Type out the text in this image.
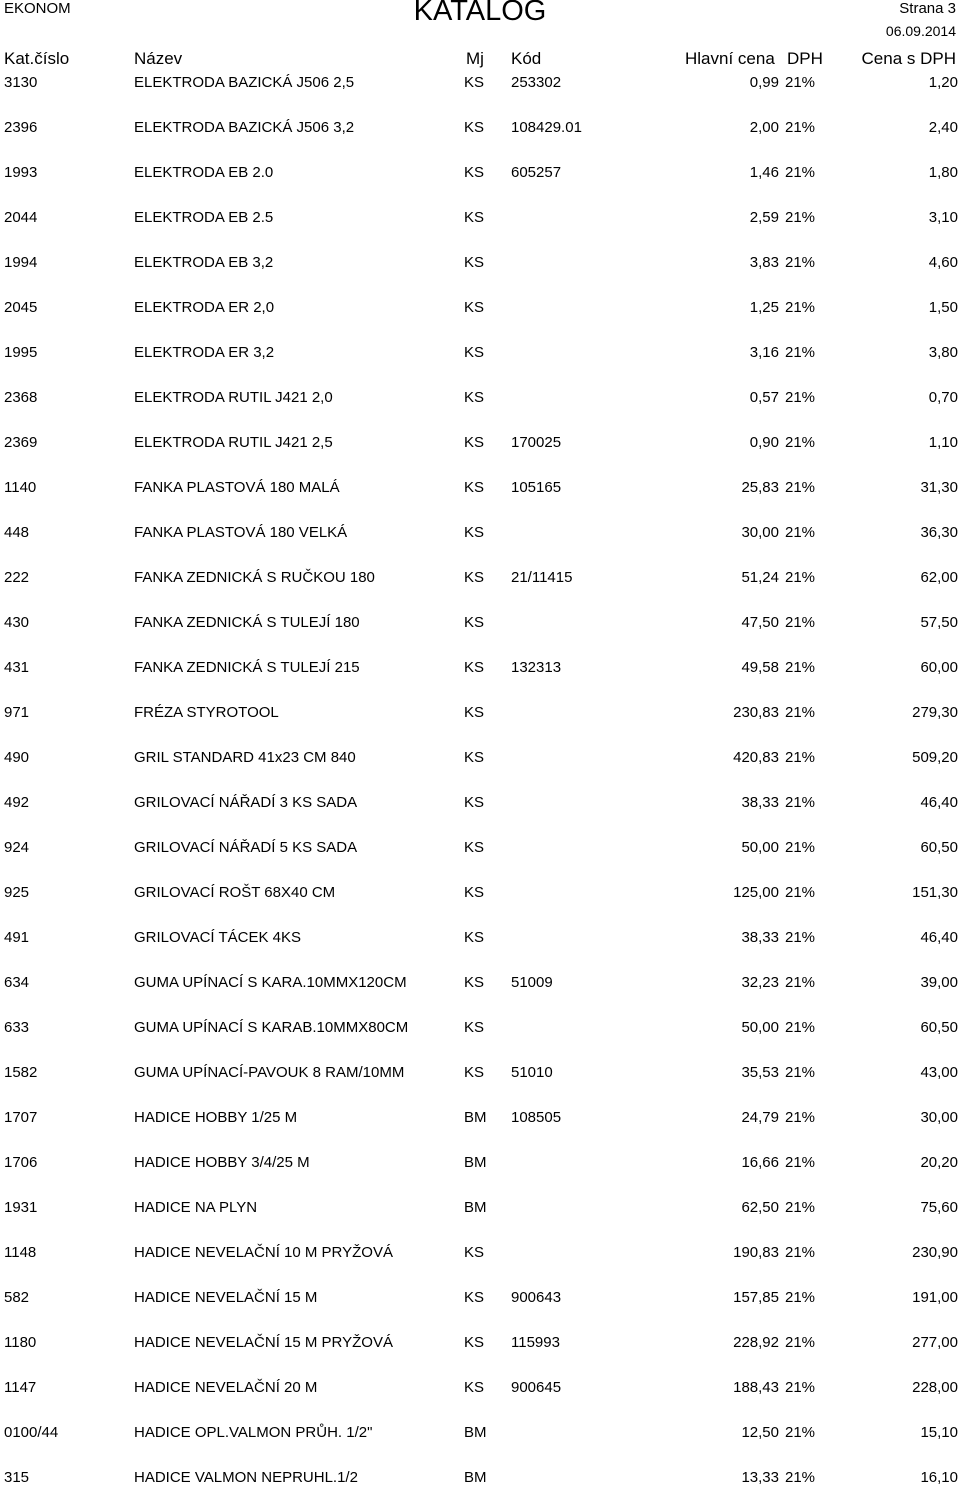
EKONOM	KATALOG	Strana 3
06.09.2014
Kat.číslo	Název	Mj Kód	Hlavní cena DPH Cena s DPH
3130	ELEKTRODA BAZICKÁ J506 2,5	KS 253302	0,99 21%	1,20
2396	ELEKTRODA BAZICKÁ J506 3,2	KS 108429.01	2,00 21%	2,40
1993	ELEKTRODA EB 2.0	KS 605257	1,46 21%	1,80
2044	ELEKTRODA EB 2.5	KS	2,59 21%	3,10
1994	ELEKTRODA EB 3,2	KS	3,83 21%	4,60
2045	ELEKTRODA ER 2,0	KS	1,25 21%	1,50
1995	ELEKTRODA ER 3,2	KS	3,16 21%	3,80
2368	ELEKTRODA RUTIL J421 2,0	KS	0,57 21%	0,70
2369	ELEKTRODA RUTIL J421 2,5	KS 170025	0,90 21%	1,10
1140	FANKA PLASTOVÁ 180 MALÁ	KS 105165	25,83 21%	31,30
448	FANKA PLASTOVÁ 180 VELKÁ	KS	30,00 21%	36,30
222	FANKA ZEDNICKÁ S RUČKOU 180	KS 21/11415	51,24 21%	62,00
430	FANKA ZEDNICKÁ S TULEJÍ 180	KS	47,50 21%	57,50
431	FANKA ZEDNICKÁ S TULEJÍ 215	KS 132313	49,58 21%	60,00
971	FRÉZA STYROTOOL	KS	230,83 21%	279,30
490	GRIL STANDARD 41x23 CM 840	KS	420,83 21%	509,20
492	GRILOVACÍ NÁŘADÍ 3 KS SADA	KS	38,33 21%	46,40
924	GRILOVACÍ NÁŘADÍ 5 KS SADA	KS	50,00 21%	60,50
925	GRILOVACÍ ROŠT 68X40 CM	KS	125,00 21%	151,30
491	GRILOVACÍ TÁCEK 4KS	KS	38,33 21%	46,40
634	GUMA UPÍNACÍ S KARA.10MMX120CM	KS 51009	32,23 21%	39,00
633	GUMA UPÍNACÍ S KARAB.10MMX80CM	KS	50,00 21%	60,50
1582	GUMA UPÍNACÍ-PAVOUK 8 RAM/10MM	KS 51010	35,53 21%	43,00
1707	HADICE HOBBY 1/25 M	BM 108505	24,79 21%	30,00
1706	HADICE HOBBY 3/4/25 M	BM	16,66 21%	20,20
1931	HADICE NA PLYN	BM	62,50 21%	75,60
1148	HADICE NEVELAČNÍ 10 M PRYŽOVÁ	KS	190,83 21%	230,90
582	HADICE NEVELAČNÍ 15 M	KS 900643	157,85 21%	191,00
1180	HADICE NEVELAČNÍ 15 M PRYŽOVÁ	KS 115993	228,92 21%	277,00
1147	HADICE NEVELAČNÍ 20 M	KS 900645	188,43 21%	228,00
0100/44	HADICE OPL.VALMON PRŮH. 1/2"	BM	12,50 21%	15,10
315	HADICE VALMON NEPRUHL.1/2	BM	13,33 21%	16,10
